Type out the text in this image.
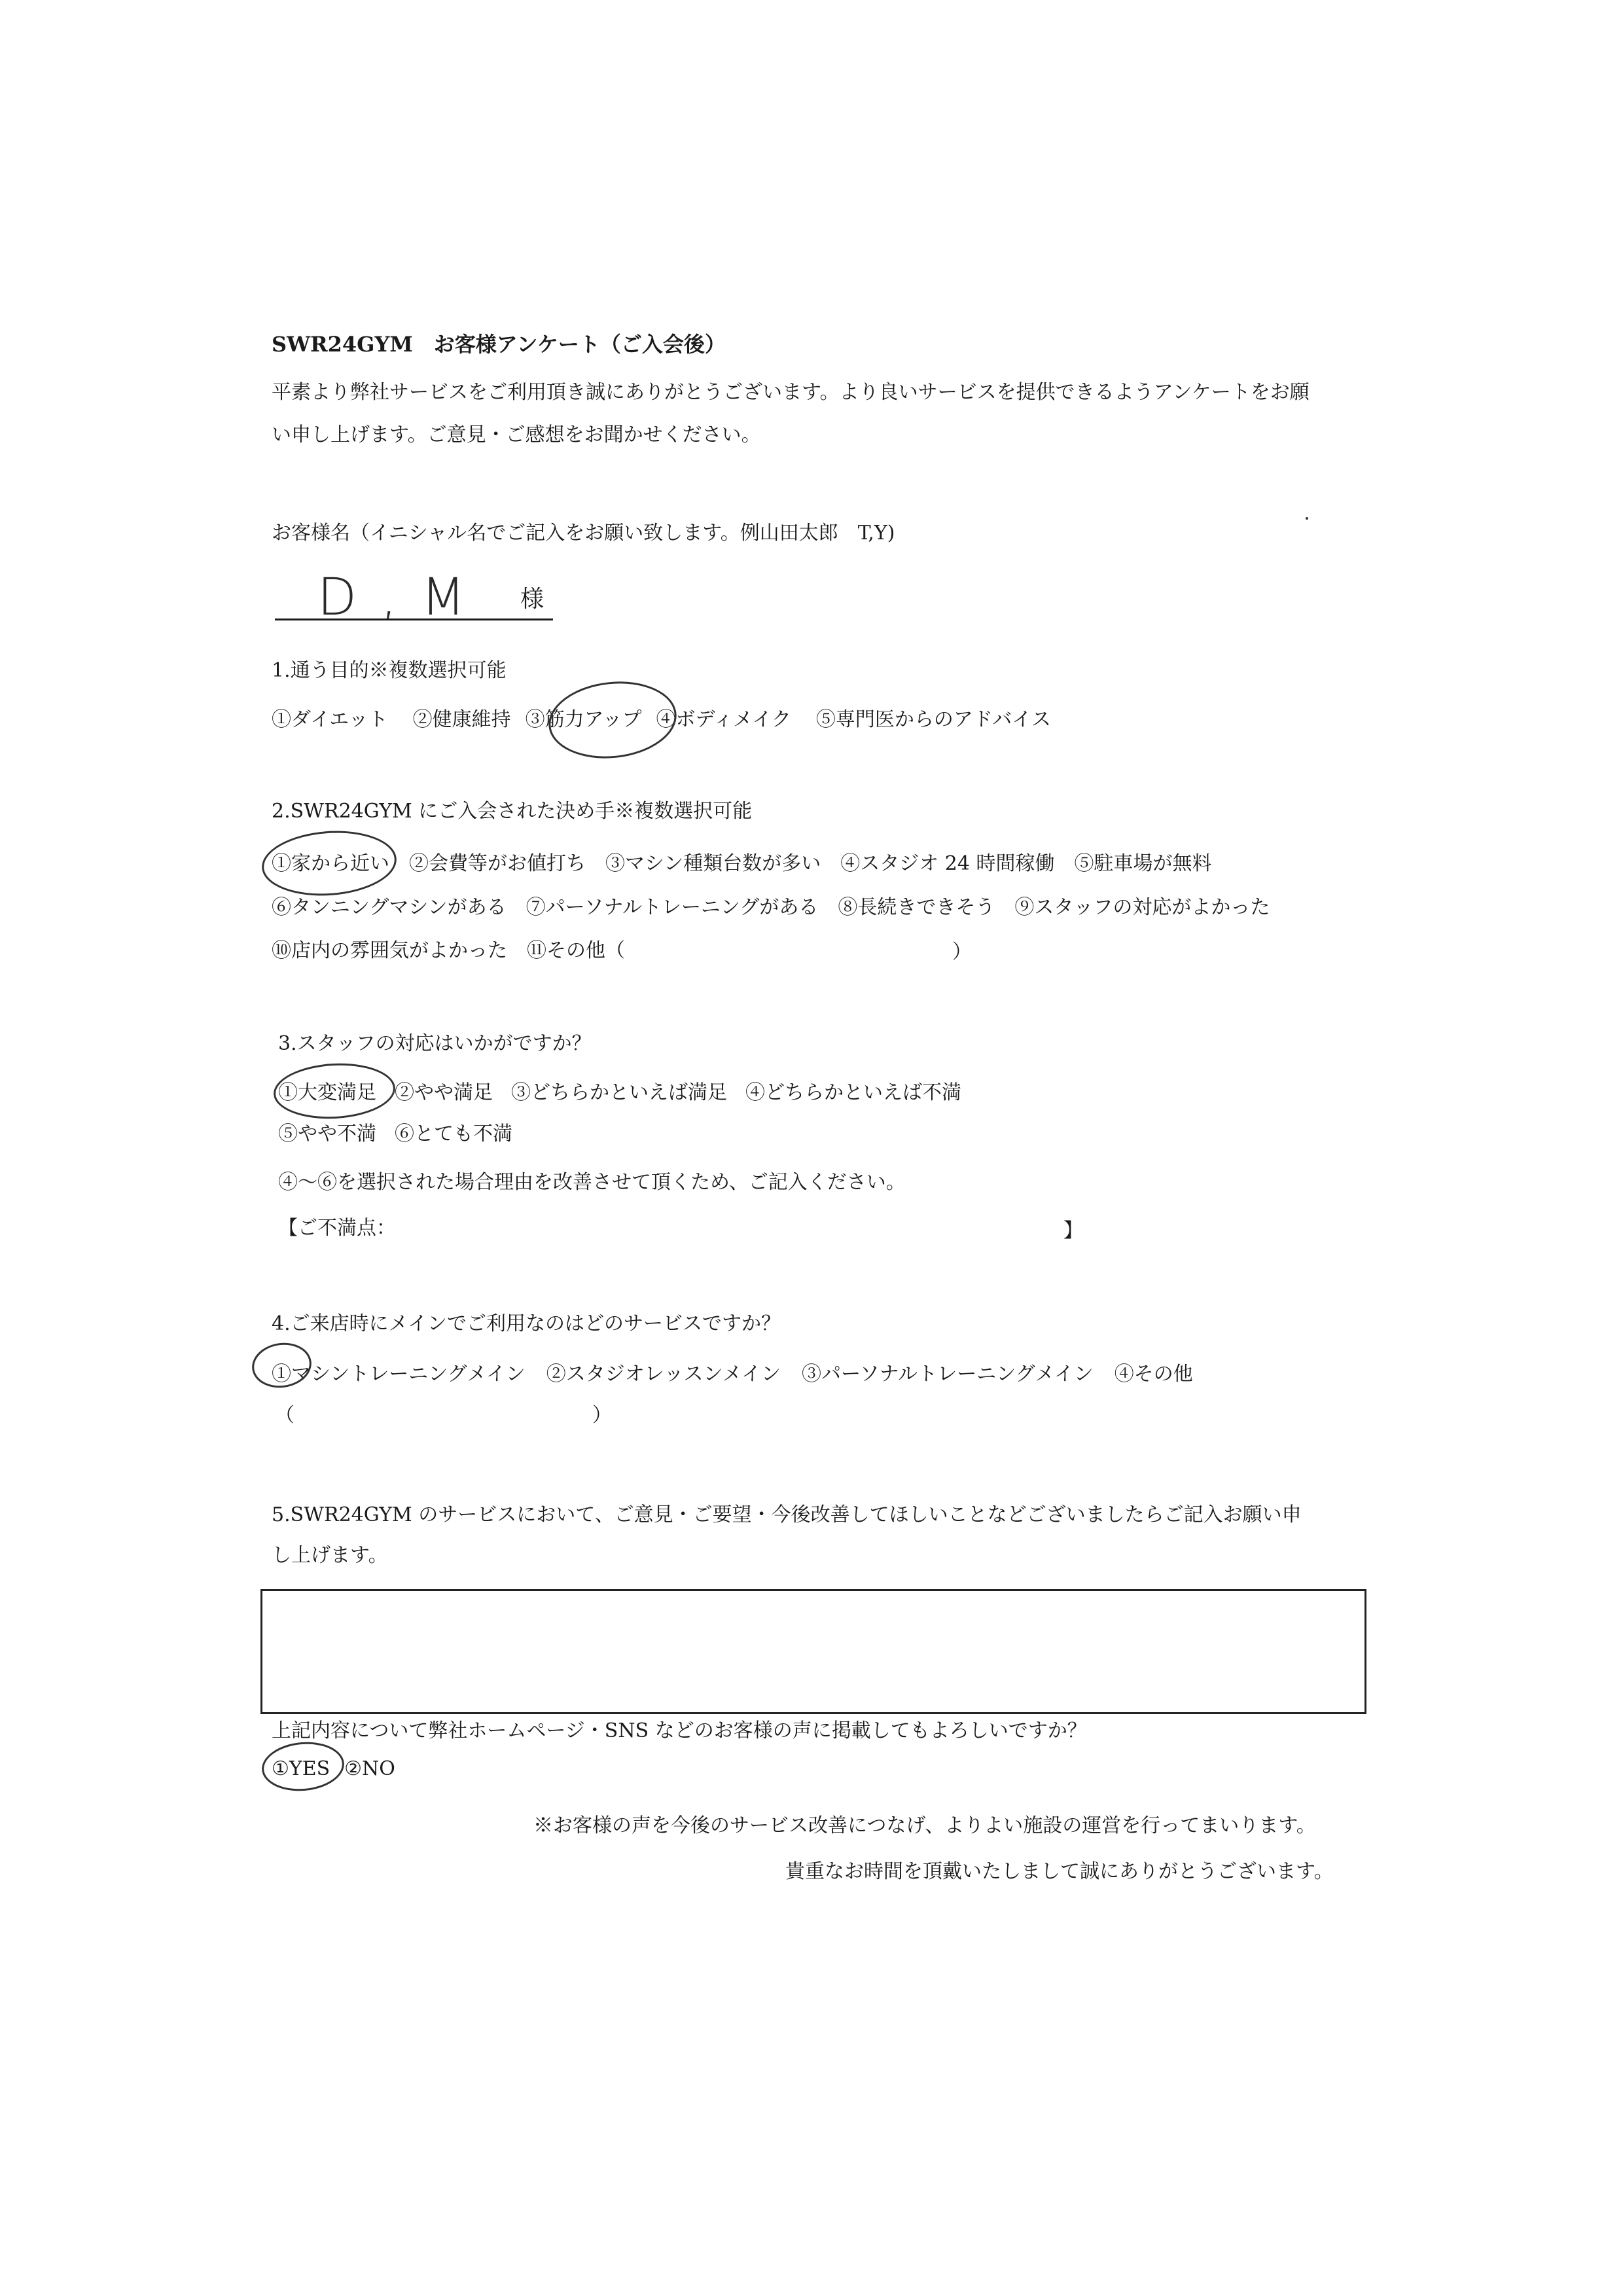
SWR24GYM　お客様アンケート（ご入会後）
平素より弊社サービスをご利用頂き誠にありがとうございます。より良いサービスを提供できるようアンケートをお願
い申し上げます。ご意見・ご感想をお聞かせください。
お客様名（イニシャル名でご記入をお願い致します。例山田太郎　T,Y)
D , M 様
1.通う目的※複数選択可能
①ダイエット ②健康維持 ③筋力アップ ④ボディメイク ⑤専門医からのアドバイス
2.SWR24GYM にご入会された決め手※複数選択可能
①家から近い ②会費等がお値打ち ③マシン種類台数が多い ④スタジオ 24 時間稼働 ⑤駐車場が無料
⑥タンニングマシンがある ⑦パーソナルトレーニングがある ⑧長続きできそう ⑨スタッフの対応がよかった
⑩店内の雰囲気がよかった ⑪その他（	）
3.スタッフの対応はいかがですか？
①大変満足 ②やや満足 ③どちらかといえば満足 ④どちらかといえば不満
⑤やや不満 ⑥とても不満
④～⑥を選択された場合理由を改善させて頂くため、ご記入ください。
【ご不満点：	】
4.ご来店時にメインでご利用なのはどのサービスですか？
①マシントレーニングメイン ②スタジオレッスンメイン ③パーソナルトレーニングメイン ④その他
（	）
5.SWR24GYM のサービスにおいて、ご意見・ご要望・今後改善してほしいことなどございましたらご記入お願い申
し上げます。
上記内容について弊社ホームページ・SNS などのお客様の声に掲載してもよろしいですか？
①YES ②NO
※お客様の声を今後のサービス改善につなげ、よりよい施設の運営を行ってまいります。
貴重なお時間を頂戴いたしまして誠にありがとうございます。
